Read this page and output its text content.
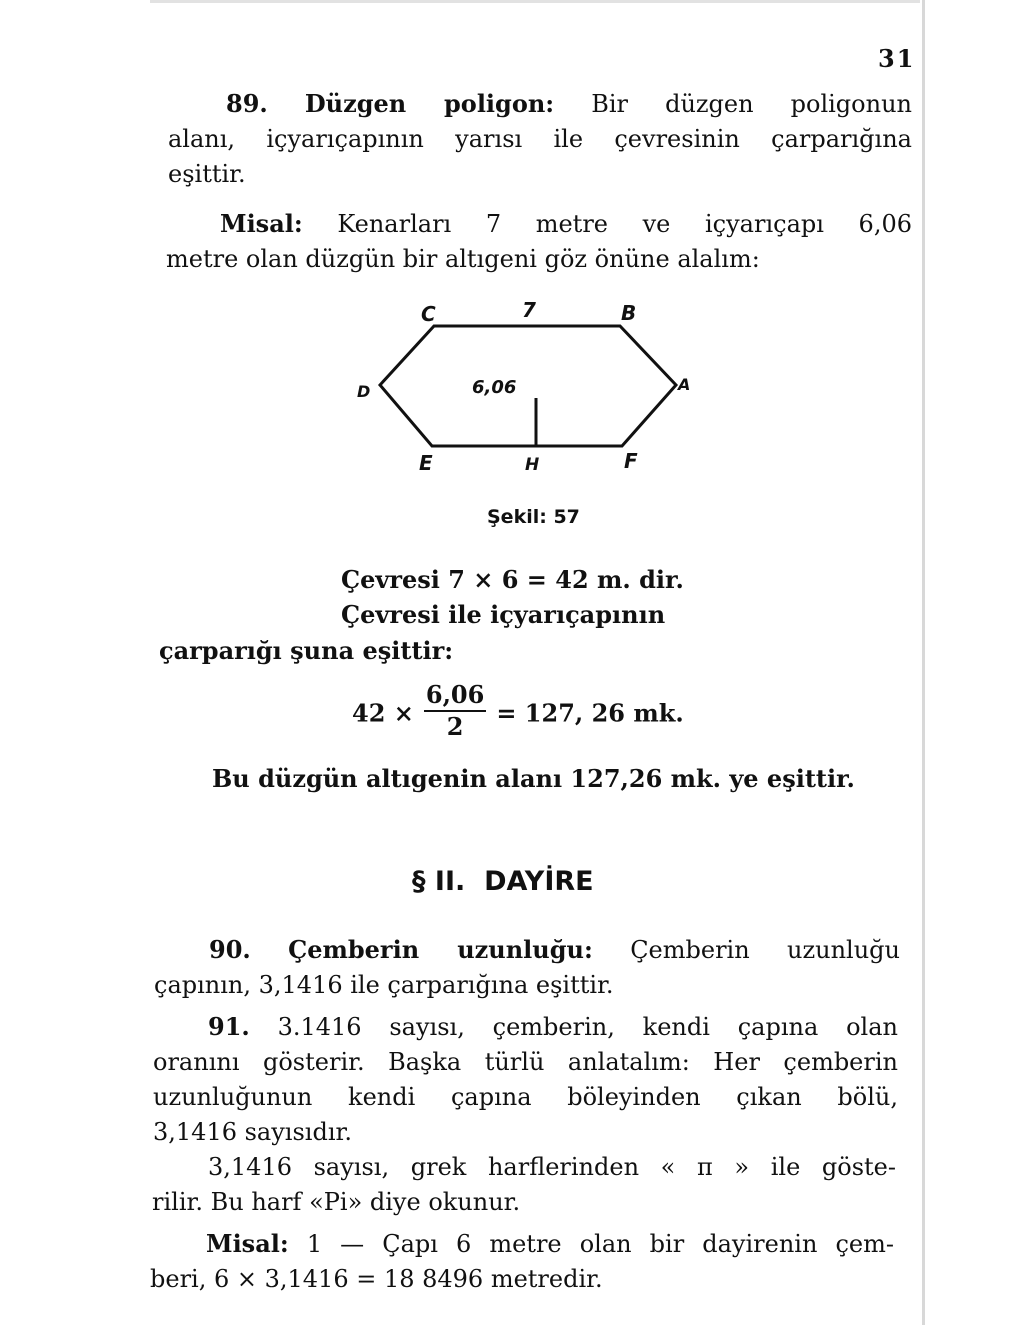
31
89. Düzgen poligon: Bir düzgen poligonun
alanı, içyarıçapının yarısı ile çevresinin çarparığına
eşittir.
Misal: Kenarları 7 metre ve içyarıçapı 6,06
metre olan düzgün bir altıgeni göz önüne alalım:
C	7	B
A
D	6,06
E	H	F
Şekil: 57
Çevresi 7 × 6 = 42 m. dir.
Çevresi ile içyarıçapının
çarparığı şuna eşittir:
$42 \times \frac{6,06}{2} = 127$, 26 mk.
Bu düzgün altıgenin alanı 127,26 mk. ye eşittir.
§ II. DAYİRE
90. Çemberin uzunluğu: Çemberin uzunluğu
çapının, 3,1416 ile çarparığına eşittir.
91. 3.1416 sayısı, çemberin, kendi çapına olan
oranını gösterir. Başka türlü anlatalım: Her çemberin
uzunluğunun kendi çapına böleyinden çıkan bölü,
3,1416 sayısıdır.
3,1416 sayısı, grek harflerinden « π » ile göste-
rilir. Bu harf «Pi» diye okunur.
Misal: 1 — Çapı 6 metre olan bir dayirenin çem-
beri, 6 × 3,1416 = 18 8496 metredir.
